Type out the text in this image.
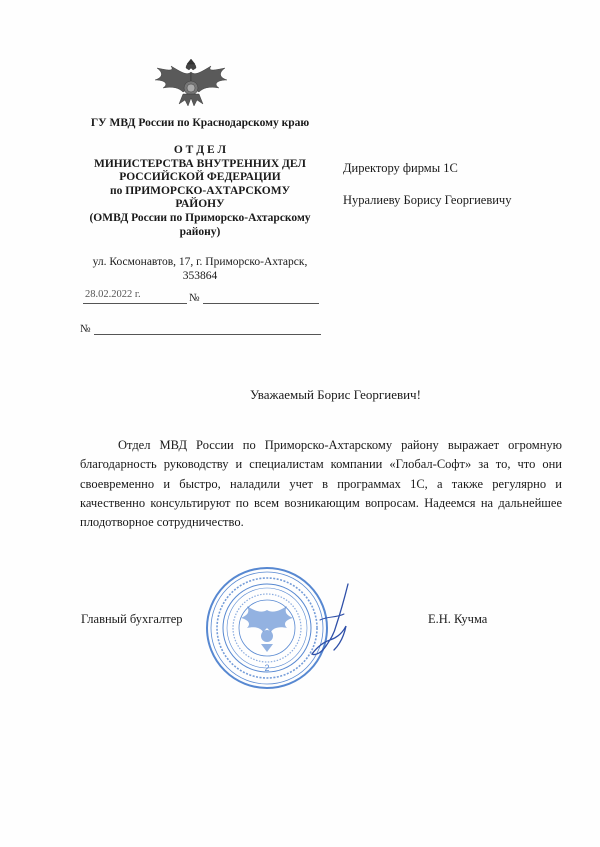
ГУ МВД России по Краснодарскому краю
О Т Д Е Л
МИНИСТЕРСТВА ВНУТРЕННИХ ДЕЛ
РОССИЙСКОЙ ФЕДЕРАЦИИ
по ПРИМОРСКО-АХТАРСКОМУ
РАЙОНУ
(ОМВД России по Приморско-Ахтарскому
району)
ул. Космонавтов, 17, г. Приморско-Ахтарск,
353864
28.02.2022 г.	№
№
Директору фирмы 1С
Нуралиеву Борису Георгиевичу
Уважаемый Борис Георгиевич!
Отдел МВД России по Приморско-Ахтарскому району выражает огромную благодарность руководству и специалистам компании «Глобал-Софт» за то, что они своевременно и быстро, наладили учет в программах 1С, а также регулярно и качественно консультируют по всем возникающим вопросам. Надеемся на дальнейшее плодотворное сотрудничество.
Главный бухгалтер	Е.Н. Кучма
2
